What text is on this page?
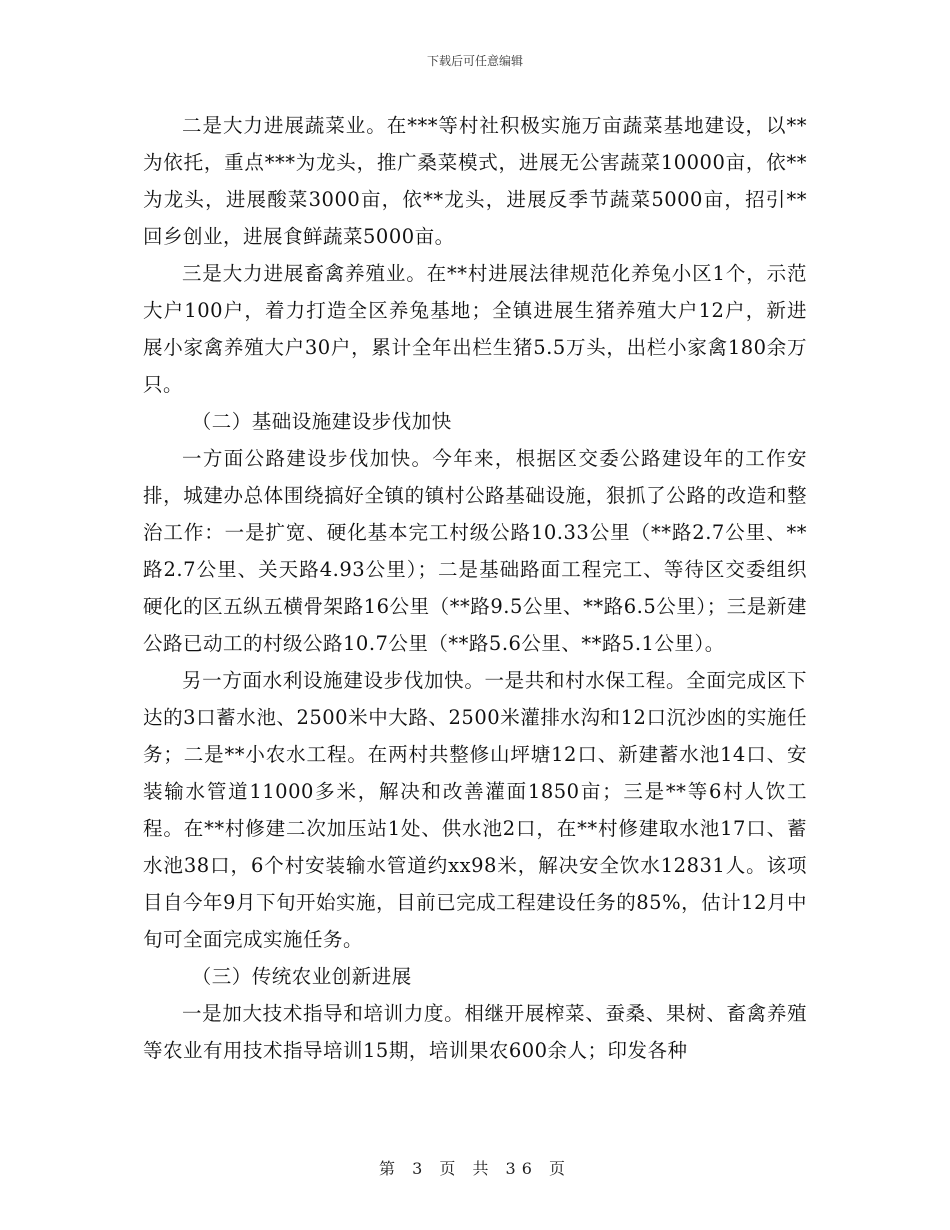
下载后可任意编辑

二是大力进展蔬菜业。在***等村社积极实施万亩蔬菜基地建设，以**为依托，重点***为龙头，推广桑菜模式，进展无公害蔬菜10000亩，依**为龙头，进展酸菜3000亩，依**龙头，进展反季节蔬菜5000亩，招引**回乡创业，进展食鲜蔬菜5000亩。

三是大力进展畜禽养殖业。在**村进展法律规范化养兔小区1个，示范大户100户，着力打造全区养兔基地；全镇进展生猪养殖大户12户，新进展小家禽养殖大户30户，累计全年出栏生猪5.5万头，出栏小家禽180余万只。

（二）基础设施建设步伐加快

一方面公路建设步伐加快。今年来，根据区交委公路建设年的工作安排，城建办总体围绕搞好全镇的镇村公路基础设施，狠抓了公路的改造和整治工作：一是扩宽、硬化基本完工村级公路10.33公里（**路2.7公里、**路2.7公里、关天路4.93公里）；二是基础路面工程完工、等待区交委组织硬化的区五纵五横骨架路16公里（**路9.5公里、**路6.5公里）；三是新建公路已动工的村级公路10.7公里（**路5.6公里、**路5.1公里）。

另一方面水利设施建设步伐加快。一是共和村水保工程。全面完成区下达的3口蓄水池、2500米中大路、2500米灌排水沟和12口沉沙凼的实施任务；二是**小农水工程。在两村共整修山坪塘12口、新建蓄水池14口、安装输水管道11000多米，解决和改善灌面1850亩；三是**等6村人饮工程。在**村修建二次加压站1处、供水池2口，在**村修建取水池17口、蓄水池38口，6个村安装输水管道约xx98米，解决安全饮水12831人。该项目自今年9月下旬开始实施，目前已完成工程建设任务的85%，估计12月中旬可全面完成实施任务。

（三）传统农业创新进展

一是加大技术指导和培训力度。相继开展榨菜、蚕桑、果树、畜禽养殖等农业有用技术指导培训15期，培训果农600余人；印发各种

第 3 页 共 36 页
